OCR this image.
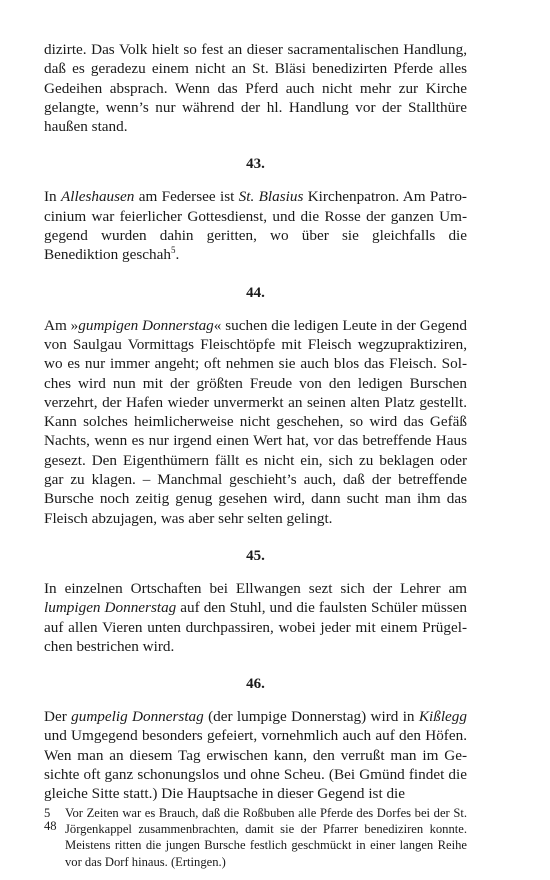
dizirte. Das Volk hielt so fest an dieser sacramentalischen Handlung, daß es geradezu einem nicht an St. Bläsi benedizirten Pferde alles Gedeihen absprach. Wenn das Pferd auch nicht mehr zur Kirche gelangte, wenn’s nur während der hl. Handlung vor der Stallthüre haußen stand.

43.

In Alleshausen am Federsee ist St. Blasius Kirchenpatron. Am Patrocinium war feierlicher Gottesdienst, und die Rosse der ganzen Umgegend wurden dahin geritten, wo über sie gleichfalls die Benediktion geschah$^5$.

44.

Am »gumpigen Donnerstag« suchen die ledigen Leute in der Gegend von Saulgau Vormittags Fleischtöpfe mit Fleisch wegzupraktiziren, wo es nur immer angeht; oft nehmen sie auch blos das Fleisch. Solches wird nun mit der größten Freude von den ledigen Burschen verzehrt, der Hafen wieder unvermerkt an seinen alten Platz gestellt. Kann solches heimlicherweise nicht geschehen, so wird das Gefäß Nachts, wenn es nur irgend einen Wert hat, vor das betreffende Haus gesezt. Den Eigenthümern fällt es nicht ein, sich zu beklagen oder gar zu klagen. – Manchmal geschieht’s auch, daß der betreffende Bursche noch zeitig genug gesehen wird, dann sucht man ihm das Fleisch abzujagen, was aber sehr selten gelingt.

45.

In einzelnen Ortschaften bei Ellwangen sezt sich der Lehrer am lumpigen Donnerstag auf den Stuhl, und die faulsten Schüler müssen auf allen Vieren unten durchpassiren, wobei jeder mit einem Prügelchen bestrichen wird.

46.

Der gumpelig Donnerstag (der lumpige Donnerstag) wird in Kißlegg und Umgegend besonders gefeiert, vornehmlich auch auf den Höfen. Wen man an diesem Tag erwischen kann, den verrußt man im Gesichte oft ganz schonungslos und ohne Scheu. (Bei Gmünd findet die gleiche Sitte statt.) Die Hauptsache in dieser Gegend ist die

5	Vor Zeiten war es Brauch, daß die Roßbuben alle Pferde des Dorfes bei der St. Jörgenkappel zusammenbrachten, damit sie der Pfarrer benediziren konnte. Meistens ritten die jungen Bursche festlich geschmückt in einer langen Reihe vor das Dorf hinaus. (Ertingen.)
48
